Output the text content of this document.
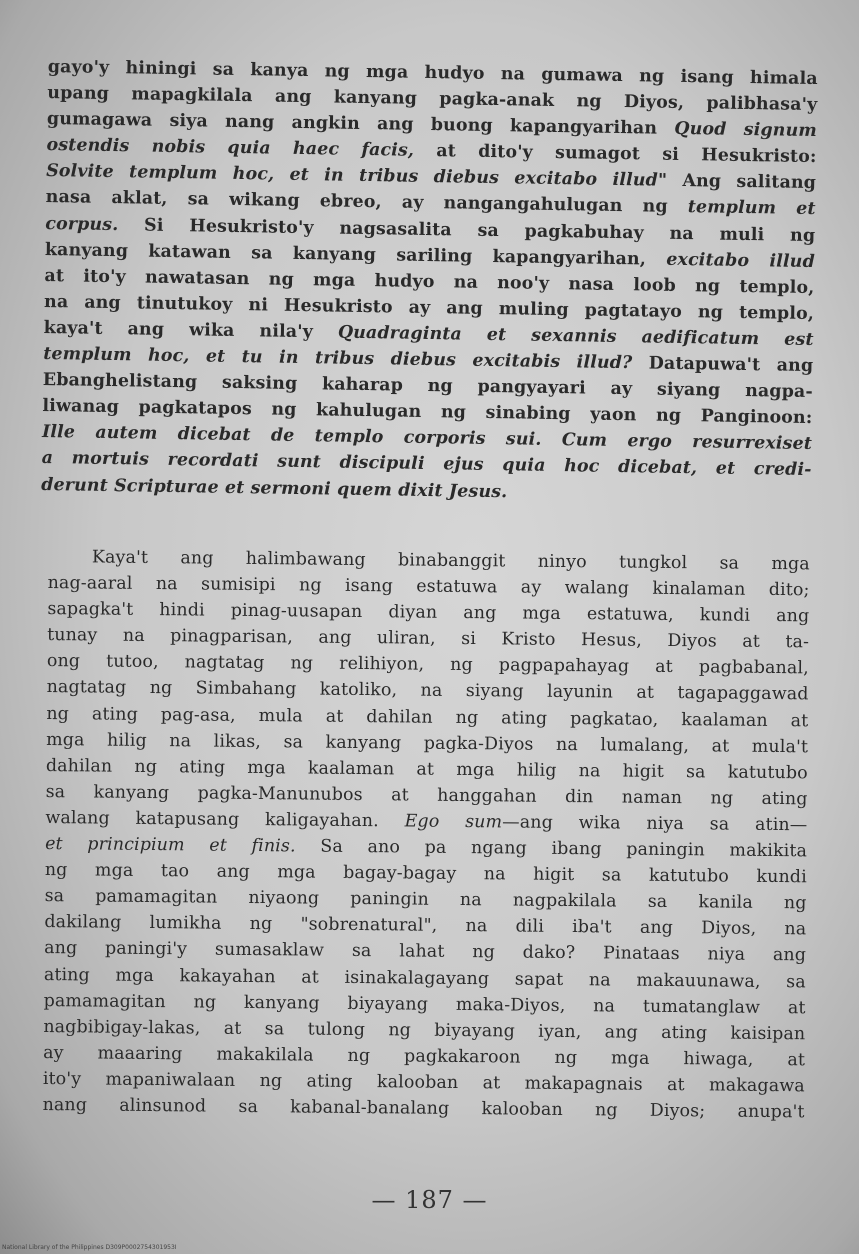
gayo'y hiningi sa kanya ng mga hudyo na gumawa ng isang himala
upang mapagkilala ang kanyang pagka-anak ng Diyos, palibhasa'y
gumagawa siya nang angkin ang buong kapangyarihan Quod signum
ostendis nobis quia haec facis, at dito'y sumagot si Hesukristo:
Solvite templum hoc, et in tribus diebus excitabo illud" Ang salitang
nasa aklat, sa wikang ebreo, ay nangangahulugan ng templum et
corpus. Si Hesukristo'y nagsasalita sa pagkabuhay na muli ng
kanyang katawan sa kanyang sariling kapangyarihan, excitabo illud
at ito'y nawatasan ng mga hudyo na noo'y nasa loob ng templo,
na ang tinutukoy ni Hesukristo ay ang muling pagtatayo ng templo,
kaya't ang wika nila'y Quadraginta et sexannis aedificatum est
templum hoc, et tu in tribus diebus excitabis illud? Datapuwa't ang
Ebanghelistang saksing kaharap ng pangyayari ay siyang nagpa-
liwanag pagkatapos ng kahulugan ng sinabing yaon ng Panginoon:
Ille autem dicebat de templo corporis sui. Cum ergo resurrexiset
a mortuis recordati sunt discipuli ejus quia hoc dicebat, et credi-
derunt Scripturae et sermoni quem dixit Jesus.
Kaya't ang halimbawang binabanggit ninyo tungkol sa mga
nag-aaral na sumisipi ng isang estatuwa ay walang kinalaman dito;
sapagka't hindi pinag-uusapan diyan ang mga estatuwa, kundi ang
tunay na pinagparisan, ang uliran, si Kristo Hesus, Diyos at ta-
ong tutoo, nagtatag ng relihiyon, ng pagpapahayag at pagbabanal,
nagtatag ng Simbahang katoliko, na siyang layunin at tagapaggawad
ng ating pag-asa, mula at dahilan ng ating pagkatao, kaalaman at
mga hilig na likas, sa kanyang pagka-Diyos na lumalang, at mula't
dahilan ng ating mga kaalaman at mga hilig na higit sa katutubo
sa kanyang pagka-Manunubos at hanggahan din naman ng ating
walang katapusang kaligayahan. Ego sum—ang wika niya sa atin—
et principium et finis. Sa ano pa ngang ibang paningin makikita
ng mga tao ang mga bagay-bagay na higit sa katutubo kundi
sa pamamagitan niyaong paningin na nagpakilala sa kanila ng
dakilang lumikha ng "sobrenatural", na dili iba't ang Diyos, na
ang paningi'y sumasaklaw sa lahat ng dako? Pinataas niya ang
ating mga kakayahan at isinakalagayang sapat na makauunawa, sa
pamamagitan ng kanyang biyayang maka-Diyos, na tumatanglaw at
nagbibigay-lakas, at sa tulong ng biyayang iyan, ang ating kaisipan
ay maaaring makakilala ng pagkakaroon ng mga hiwaga, at
ito'y mapaniwalaan ng ating kalooban at makapagnais at makagawa
nang alinsunod sa kabanal-banalang kalooban ng Diyos; anupa't
— 187 —
National Library of the Philippines D309P0002754301953I
